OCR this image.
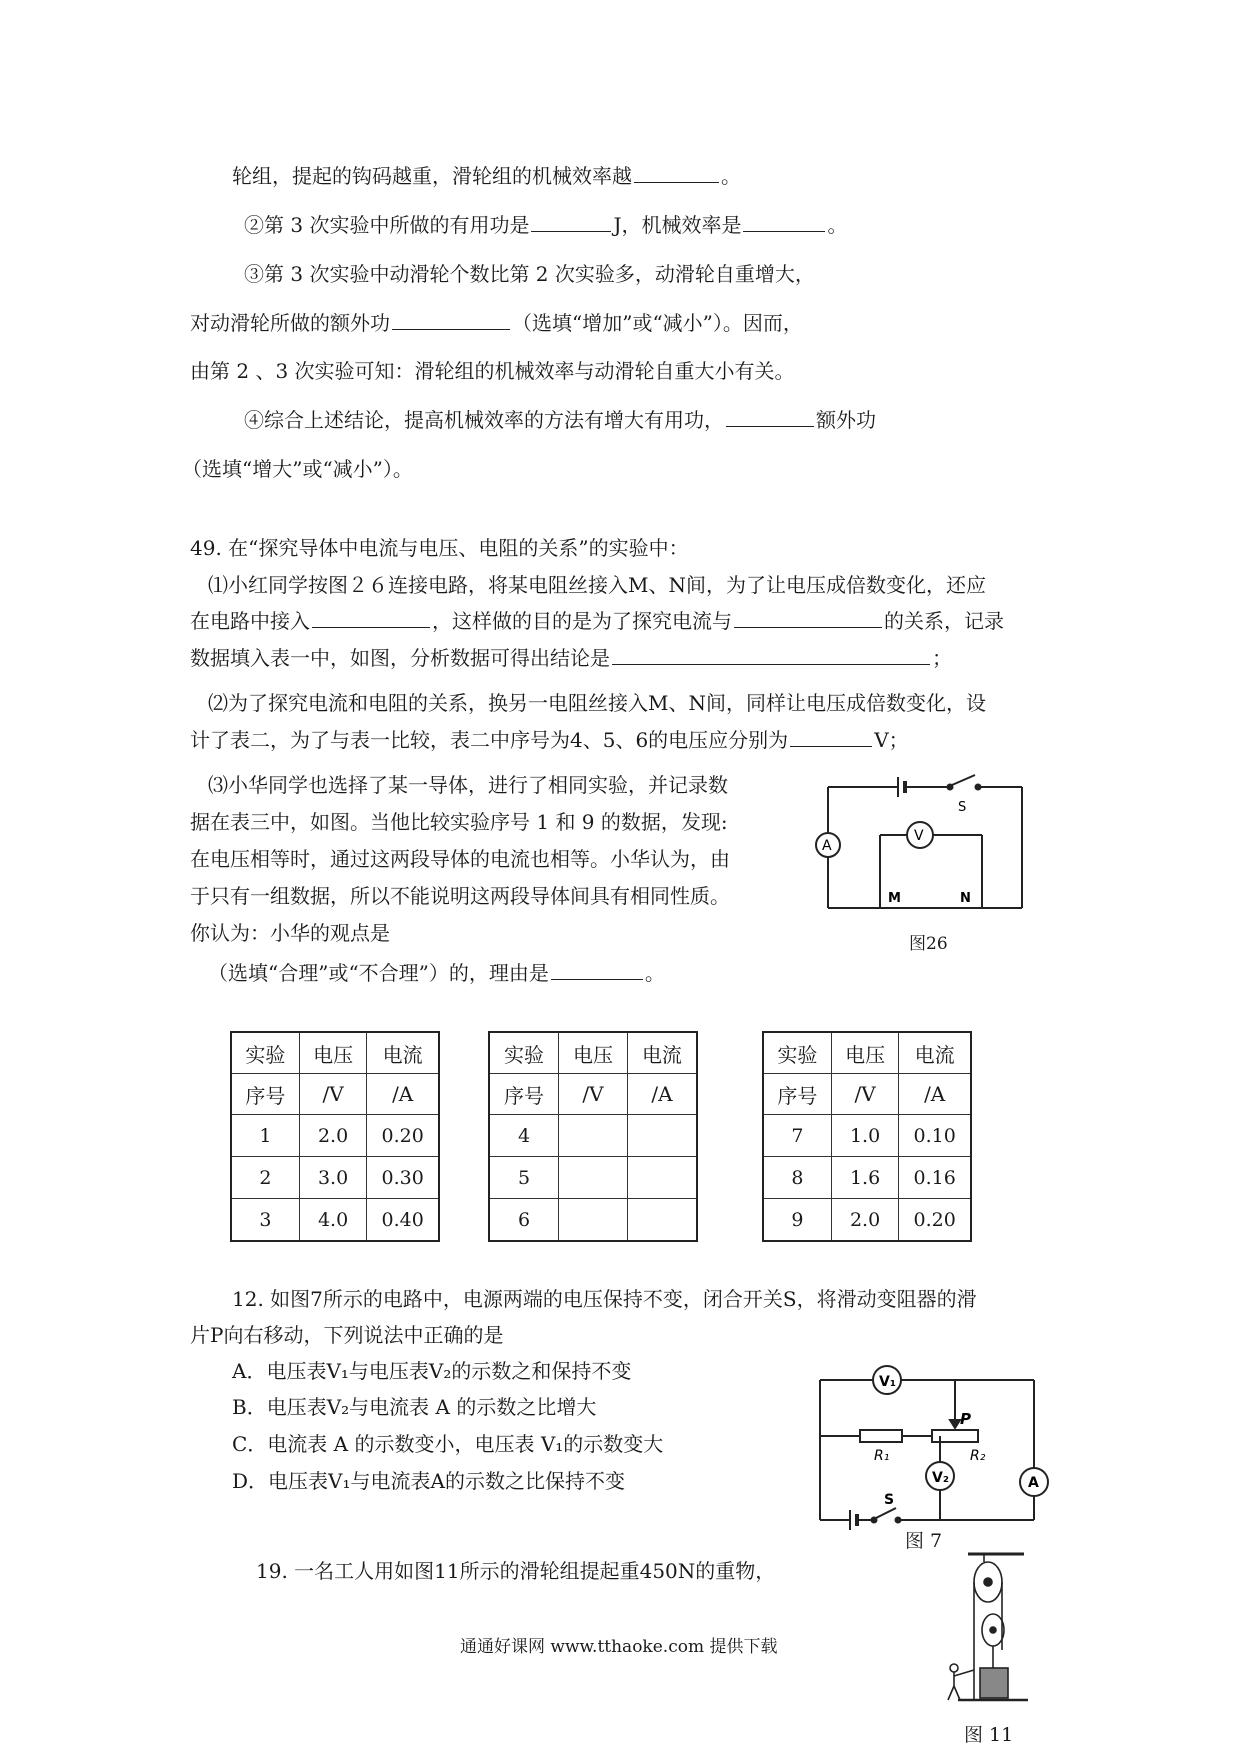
轮组，提起的钩码越重，滑轮组的机械效率越	。
②第 3 次实验中所做的有用功是	J，机械效率是	。
③第 3 次实验中动滑轮个数比第 2 次实验多，动滑轮自重增大，
对动滑轮所做的额外功	（选填“增加”或“减小”）。因而，
由第 2 、3 次实验可知：滑轮组的机械效率与动滑轮自重大小有关。
④综合上述结论，提高机械效率的方法有增大有用功，	额外功
（选填“增大”或“减小”）。
49. 在“探究导体中电流与电压、电阻的关系”的实验中：
⑴小红同学按图２６连接电路，将某电阻丝接入M、N间，为了让电压成倍数变化，还应
在电路中接入	，这样做的目的是为了探究电流与	的关系，记录
数据填入表一中，如图，分析数据可得出结论是	；
⑵为了探究电流和电阻的关系，换另一电阻丝接入M、N间，同样让电压成倍数变化，设
计了表二，为了与表一比较，表二中序号为4、5、6的电压应分别为	V；
⑶小华同学也选择了某一导体，进行了相同实验，并记录数
据在表三中，如图。当他比较实验序号 1 和 9 的数据，发现:
在电压相等时，通过这两段导体的电流也相等。小华认为，由
于只有一组数据，所以不能说明这两段导体间具有相同性质。
你认为：小华的观点是
（选填“合理”或“不合理”）的，理由是	。
S
A
V
M	N
图26
实验	电压	电流
序号	/V	/A
1	2.0	0.20
2	3.0	0.30
3	4.0	0.40
实验	电压	电流
序号	/V	/A
4		
5		
6		
实验	电压	电流
序号	/V	/A
7	1.0	0.10
8	1.6	0.16
9	2.0	0.20
12. 如图7所示的电路中，电源两端的电压保持不变，闭合开关S，将滑动变阻器的滑
片P向右移动，下列说法中正确的是
A．电压表V₁与电压表V₂的示数之和保持不变
B．电压表V₂与电流表 A 的示数之比增大
C．电流表 A 的示数变小，电压表 V₁的示数变大
D．电压表V₁与电流表A的示数之比保持不变
V₁
V₂	A
P
R₁	R₂
S
图 7
19. 一名工人用如图11所示的滑轮组提起重450N的重物，
图 11
通通好课网 www.tthaoke.com 提供下载
